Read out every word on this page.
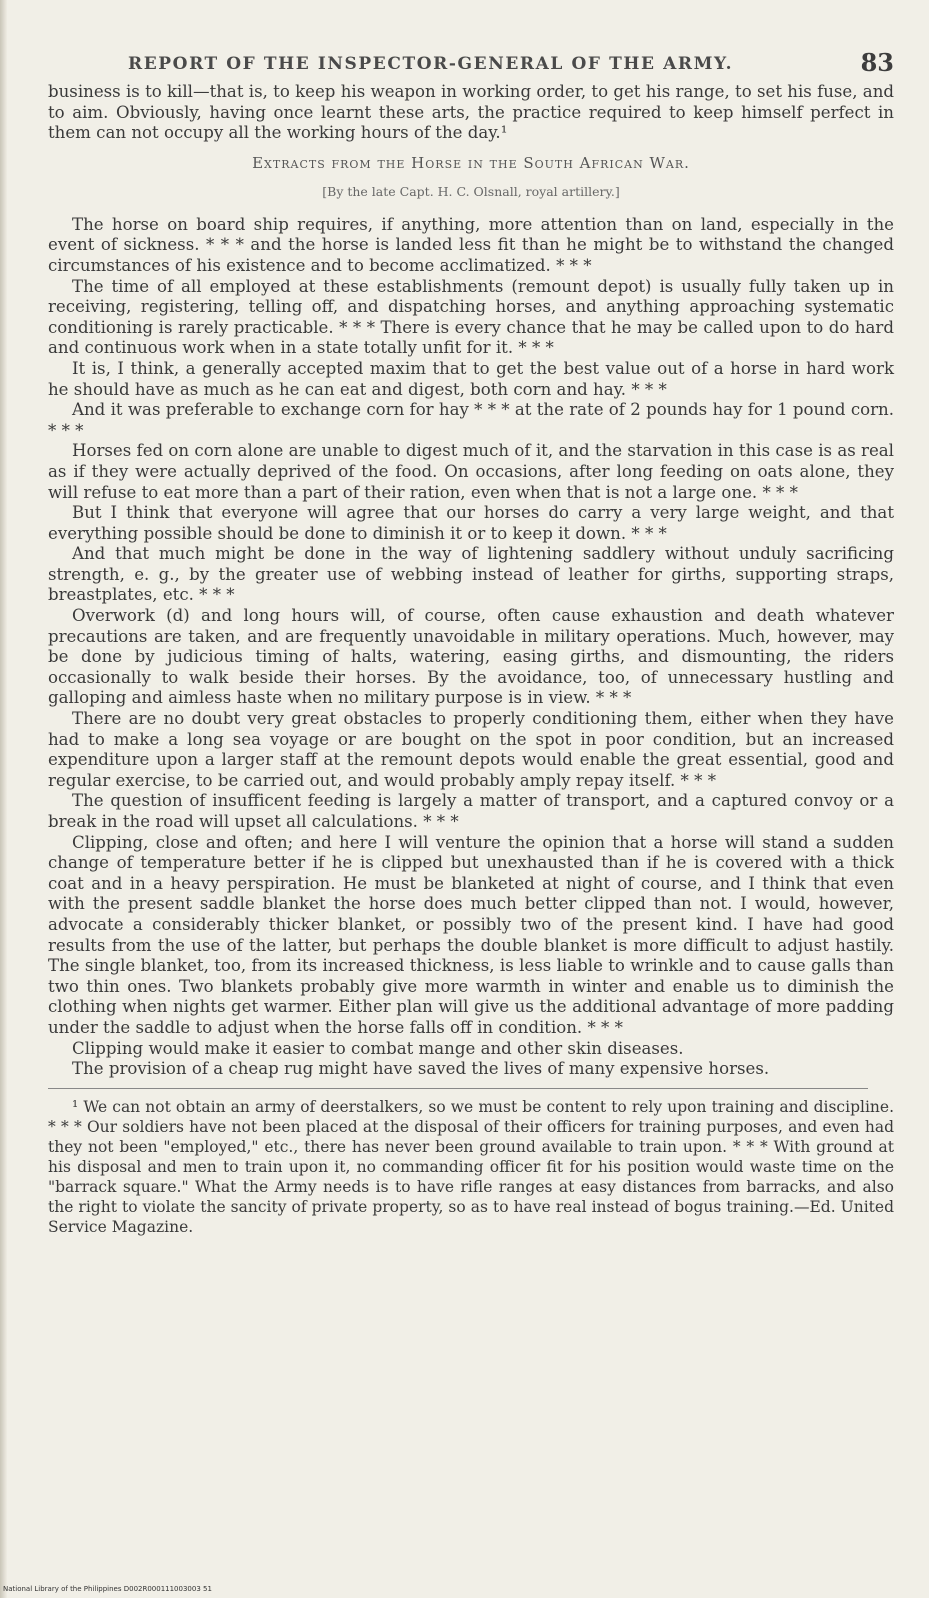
REPORT OF THE INSPECTOR-GENERAL OF THE ARMY.	83

business is to kill—that is, to keep his weapon in working order, to get his range, to set his fuse, and to aim. Obviously, having once learnt these arts, the practice required to keep himself perfect in them can not occupy all the working hours of the day.¹

Extracts from the Horse in the South African War.
[By the late Capt. H. C. Olsnall, royal artillery.]

The horse on board ship requires, if anything, more attention than on land, especially in the event of sickness. * * * and the horse is landed less fit than he might be to withstand the changed circumstances of his existence and to become acclimatized. * * *

The time of all employed at these establishments (remount depot) is usually fully taken up in receiving, registering, telling off, and dispatching horses, and anything approaching systematic conditioning is rarely practicable. * * * There is every chance that he may be called upon to do hard and continuous work when in a state totally unfit for it. * * *

It is, I think, a generally accepted maxim that to get the best value out of a horse in hard work he should have as much as he can eat and digest, both corn and hay. * * *

And it was preferable to exchange corn for hay * * * at the rate of 2 pounds hay for 1 pound corn. * * *

Horses fed on corn alone are unable to digest much of it, and the starvation in this case is as real as if they were actually deprived of the food. On occasions, after long feeding on oats alone, they will refuse to eat more than a part of their ration, even when that is not a large one. * * *

But I think that everyone will agree that our horses do carry a very large weight, and that everything possible should be done to diminish it or to keep it down. * * *

And that much might be done in the way of lightening saddlery without unduly sacrificing strength, e. g., by the greater use of webbing instead of leather for girths, supporting straps, breastplates, etc. * * *

Overwork (d) and long hours will, of course, often cause exhaustion and death whatever precautions are taken, and are frequently unavoidable in military operations. Much, however, may be done by judicious timing of halts, watering, easing girths, and dismounting, the riders occasionally to walk beside their horses. By the avoidance, too, of unnecessary hustling and galloping and aimless haste when no military purpose is in view. * * *

There are no doubt very great obstacles to properly conditioning them, either when they have had to make a long sea voyage or are bought on the spot in poor condition, but an increased expenditure upon a larger staff at the remount depots would enable the great essential, good and regular exercise, to be carried out, and would probably amply repay itself. * * *

The question of insufficent feeding is largely a matter of transport, and a captured convoy or a break in the road will upset all calculations. * * *

Clipping, close and often; and here I will venture the opinion that a horse will stand a sudden change of temperature better if he is clipped but unexhausted than if he is covered with a thick coat and in a heavy perspiration. He must be blanketed at night of course, and I think that even with the present saddle blanket the horse does much better clipped than not. I would, however, advocate a considerably thicker blanket, or possibly two of the present kind. I have had good results from the use of the latter, but perhaps the double blanket is more difficult to adjust hastily. The single blanket, too, from its increased thickness, is less liable to wrinkle and to cause galls than two thin ones. Two blankets probably give more warmth in winter and enable us to diminish the clothing when nights get warmer. Either plan will give us the additional advantage of more padding under the saddle to adjust when the horse falls off in condition. * * *

Clipping would make it easier to combat mange and other skin diseases.

The provision of a cheap rug might have saved the lives of many expensive horses.

¹ We can not obtain an army of deerstalkers, so we must be content to rely upon training and discipline. * * * Our soldiers have not been placed at the disposal of their officers for training purposes, and even had they not been "employed," etc., there has never been ground available to train upon. * * * With ground at his disposal and men to train upon it, no commanding officer fit for his position would waste time on the "barrack square." What the Army needs is to have rifle ranges at easy distances from barracks, and also the right to violate the sancity of private property, so as to have real instead of bogus training.—Ed. United Service Magazine.

National Library of the Philippines D002R000111003003 51
